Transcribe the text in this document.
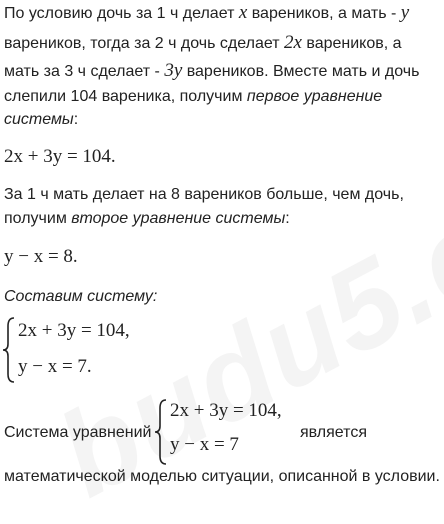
По условию дочь за 1 ч делает x вареников, а мать - y
вареников, тогда за 2 ч дочь сделает 2x вареников, а
мать за 3 ч сделает - 3y вареников. Вместе мать и дочь
слепили 104 вареника, получим первое уравнение
системы:
2x + 3y = 104.
За 1 ч мать делает на 8 вареников больше, чем дочь,
получим второе уравнение системы:
y − x = 8.
Составим систему:
2x + 3y = 104,
y − x = 7.
Система уравнений
2x + 3y = 104,
y − x = 7
является
математической моделью ситуации, описанной в условии.
